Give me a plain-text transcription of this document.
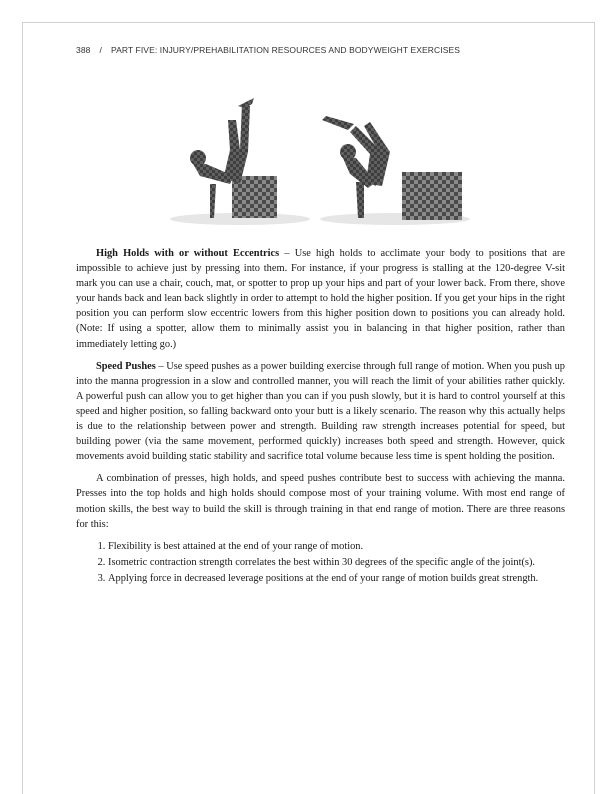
388 / PART FIVE: INJURY/PREHABILITATION RESOURCES AND BODYWEIGHT EXERCISES

High Holds with or without Eccentrics – Use high holds to acclimate your body to positions that are impossible to achieve just by pressing into them. For instance, if your progress is stalling at the 120-degree V-sit mark you can use a chair, couch, mat, or spotter to prop up your hips and part of your lower back. From there, shove your hands back and lean back slightly in order to attempt to hold the higher position. If you get your hips in the right position you can perform slow eccentric lowers from this higher position down to positions you can already hold. (Note: If using a spotter, allow them to minimally assist you in balancing in that higher position, rather than immediately letting go.)

Speed Pushes – Use speed pushes as a power building exercise through full range of motion. When you push up into the manna progression in a slow and controlled manner, you will reach the limit of your abilities rather quickly. A powerful push can allow you to get higher than you can if you push slowly, but it is hard to control yourself at this speed and higher position, so falling backward onto your butt is a likely scenario. The reason why this actually helps is due to the relationship between power and strength. Building raw strength increases potential for speed, but building power (via the same movement, performed quickly) increases both speed and strength. However, quick movements avoid building static stability and sacrifice total volume because less time is spent holding the position.

A combination of presses, high holds, and speed pushes contribute best to success with achieving the manna. Presses into the top holds and high holds should compose most of your training volume. With most end range of motion skills, the best way to build the skill is through training in that end range of motion. There are three reasons for this:

1. Flexibility is best attained at the end of your range of motion.
2. Isometric contraction strength correlates the best within 30 degrees of the specific angle of the joint(s).
3. Applying force in decreased leverage positions at the end of your range of motion builds great strength.
